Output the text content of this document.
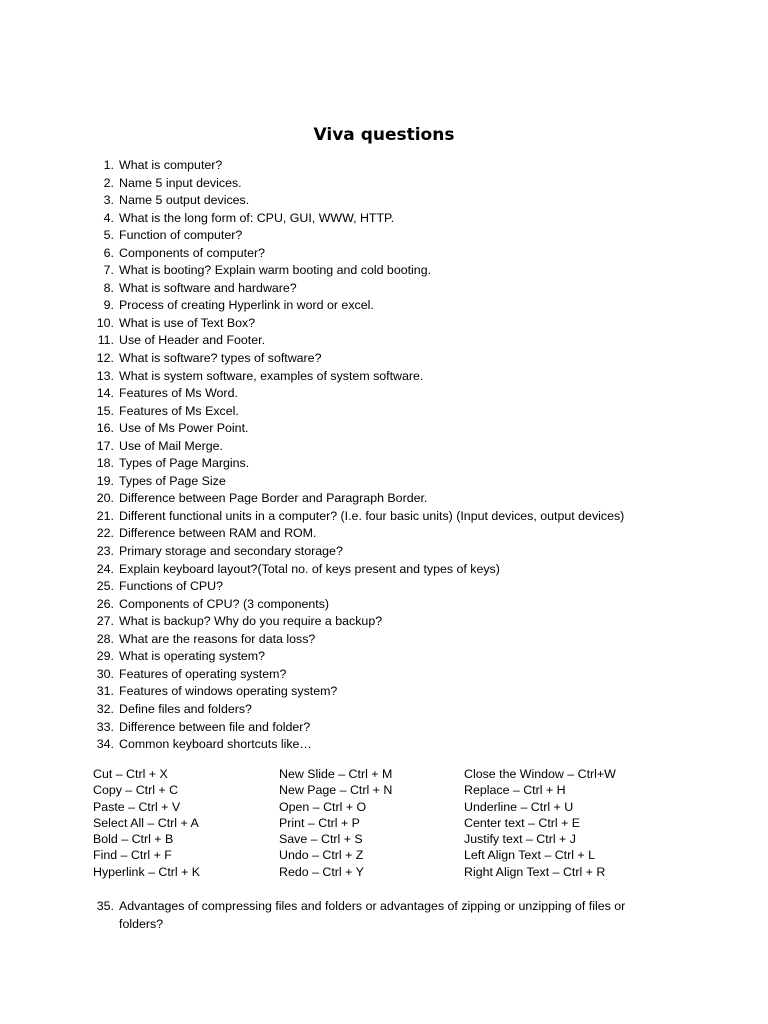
Viva questions
1. What is computer?
2. Name 5 input devices.
3. Name 5 output devices.
4. What is the long form of: CPU, GUI, WWW, HTTP.
5. Function of computer?
6. Components of computer?
7. What is booting? Explain warm booting and cold booting.
8. What is software and hardware?
9. Process of creating Hyperlink in word or excel.
10. What is use of Text Box?
11. Use of Header and Footer.
12. What is software? types of software?
13. What is system software, examples of system software.
14. Features of Ms Word.
15. Features of Ms Excel.
16. Use of Ms Power Point.
17. Use of Mail Merge.
18. Types of Page Margins.
19. Types of Page Size
20. Difference between Page Border and Paragraph Border.
21. Different functional units in a computer? (I.e. four basic units) (Input devices, output devices)
22. Difference between RAM and ROM.
23. Primary storage and secondary storage?
24. Explain keyboard layout?(Total no. of keys present and types of keys)
25. Functions of CPU?
26. Components of CPU? (3 components)
27. What is backup? Why do you require a backup?
28. What are the reasons for data loss?
29. What is operating system?
30. Features of operating system?
31. Features of windows operating system?
32. Define files and folders?
33. Difference between file and folder?
34. Common keyboard shortcuts like…
Cut – Ctrl + X
Copy – Ctrl + C
Paste – Ctrl + V
Select All – Ctrl + A
Bold – Ctrl + B
Find – Ctrl + F
Hyperlink – Ctrl + K
New Slide – Ctrl + M
New Page – Ctrl + N
Open – Ctrl + O
Print – Ctrl + P
Save – Ctrl + S
Undo – Ctrl + Z
Redo – Ctrl + Y
Close the Window – Ctrl+W
Replace – Ctrl + H
Underline – Ctrl + U
Center text – Ctrl + E
Justify text – Ctrl + J
Left Align Text – Ctrl + L
Right Align Text – Ctrl + R
35. Advantages of compressing files and folders or advantages of zipping or unzipping of files or folders?
